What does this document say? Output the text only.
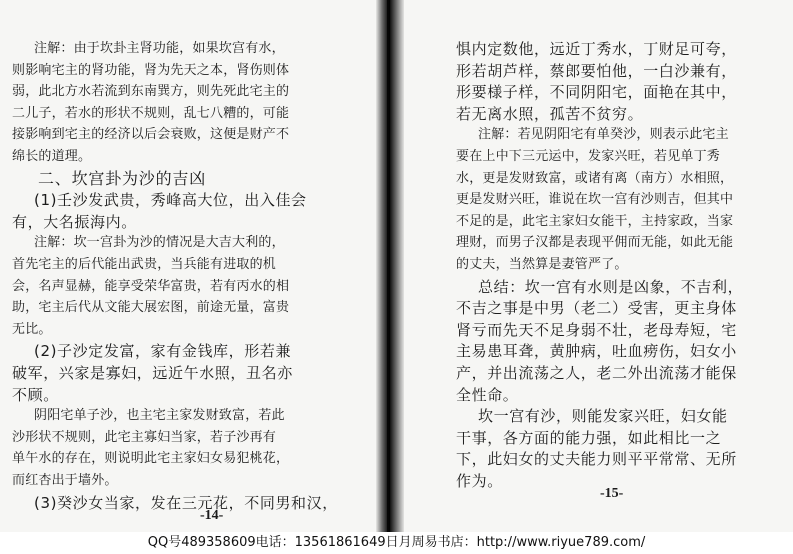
注解：由于坎卦主肾功能，如果坎宫有水，
则影响宅主的肾功能，肾为先天之本，肾伤则体
弱，此北方水若流到东南巽方，则先死此宅主的
二儿子，若水的形状不规则，乱七八糟的，可能
接影响到宅主的经济以后会衰败，这便是财产不
绵长的道理。
二、坎宫卦为沙的吉凶
(1)壬沙发武贵，秀峰高大位，出入佳会
有，大名振海内。
注解：坎一宫卦为沙的情况是大吉大利的，
首先宅主的后代能出武贵，当兵能有进取的机
会，名声显赫，能享受荣华富贵，若有丙水的相
助，宅主后代从文能大展宏图，前途无量，富贵
无比。
(2)子沙定发富，家有金钱库，形若兼
破军，兴家是寡妇，远近午水照，丑名亦
不顾。
阴阳宅单子沙，也主宅主家发财致富，若此
沙形状不规则，此宅主寡妇当家，若子沙再有
单午水的存在，则说明此宅主家妇女易犯桃花，
而红杏出于墙外。
(3)癸沙女当家，发在三元花，不同男和汉，
-14-
惧内定数他，远近丁秀水，丁财足可夸，
形若胡芦样，蔡郎要怕他，一白沙兼有，
形要様子样，不同阴阳宅，面艳在其中，
若无离水照，孤苦不贫穷。
注解：若见阴阳宅有单癸沙，则表示此宅主
要在上中下三元运中，发家兴旺，若见单丁秀
水，更是发财致富，或诸有离（南方）水相照，
更是发财兴旺，谁说在坎一宫有沙则吉，但其中
不足的是，此宅主家妇女能干，主持家政，当家
理财，而男子汉都是表现平佣而无能，如此无能
的丈夫，当然算是妻管严了。
总结：坎一宫有水则是凶象，不吉利，
不吉之事是中男（老二）受害，更主身体
肾亏而先天不足身弱不壮，老母寿短，宅
主易患耳聋，黄肿病，吐血痨伤，妇女小
产，并出流荡之人，老二外出流荡才能保
全性命。
坎一宫有沙，则能发家兴旺，妇女能
干事，各方面的能力强，如此相比一之
下，此妇女的丈夫能力则平平常常、无所
作为。
-15-
QQ号489358609电话：13561861649日月周易书店：http://www.riyue789.com/
